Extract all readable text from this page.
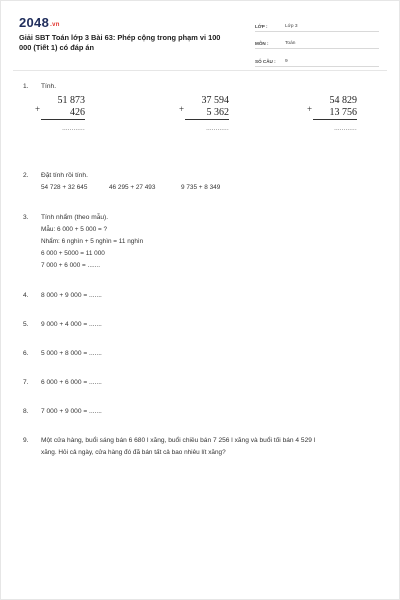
2048.vn
Giải SBT Toán lớp 3 Bài 63: Phép cộng trong phạm vi 100 000 (Tiết 1) có đáp án
LỚP :	Lớp 3
MÔN :	Toán
SỐ CÂU :	9
1. Tính.
51 873
+	426
............
37 594
+	5 362
............
54 829
+	13 756
............
2. Đặt tính rồi tính.
54 728 + 32 645	46 295 + 27 493	9 735 + 8 349
3. Tính nhẩm (theo mẫu).
Mẫu: 6 000 + 5 000 = ?
Nhẩm: 6 nghìn + 5 nghìn = 11 nghìn
6 000 + 5000 = 11 000
7 000 + 6 000 = .......
4. 8 000 + 9 000 = .......
5. 9 000 + 4 000 = .......
6. 5 000 + 8 000 = .......
7. 6 000 + 6 000 = .......
8. 7 000 + 9 000 = .......
9. Một cửa hàng, buổi sáng bán 6 680 l xăng, buổi chiều bán 7 256 l xăng và buổi tối bán 4 529 l
xăng. Hỏi cả ngày, cửa hàng đó đã bán tất cả bao nhiêu lít xăng?
